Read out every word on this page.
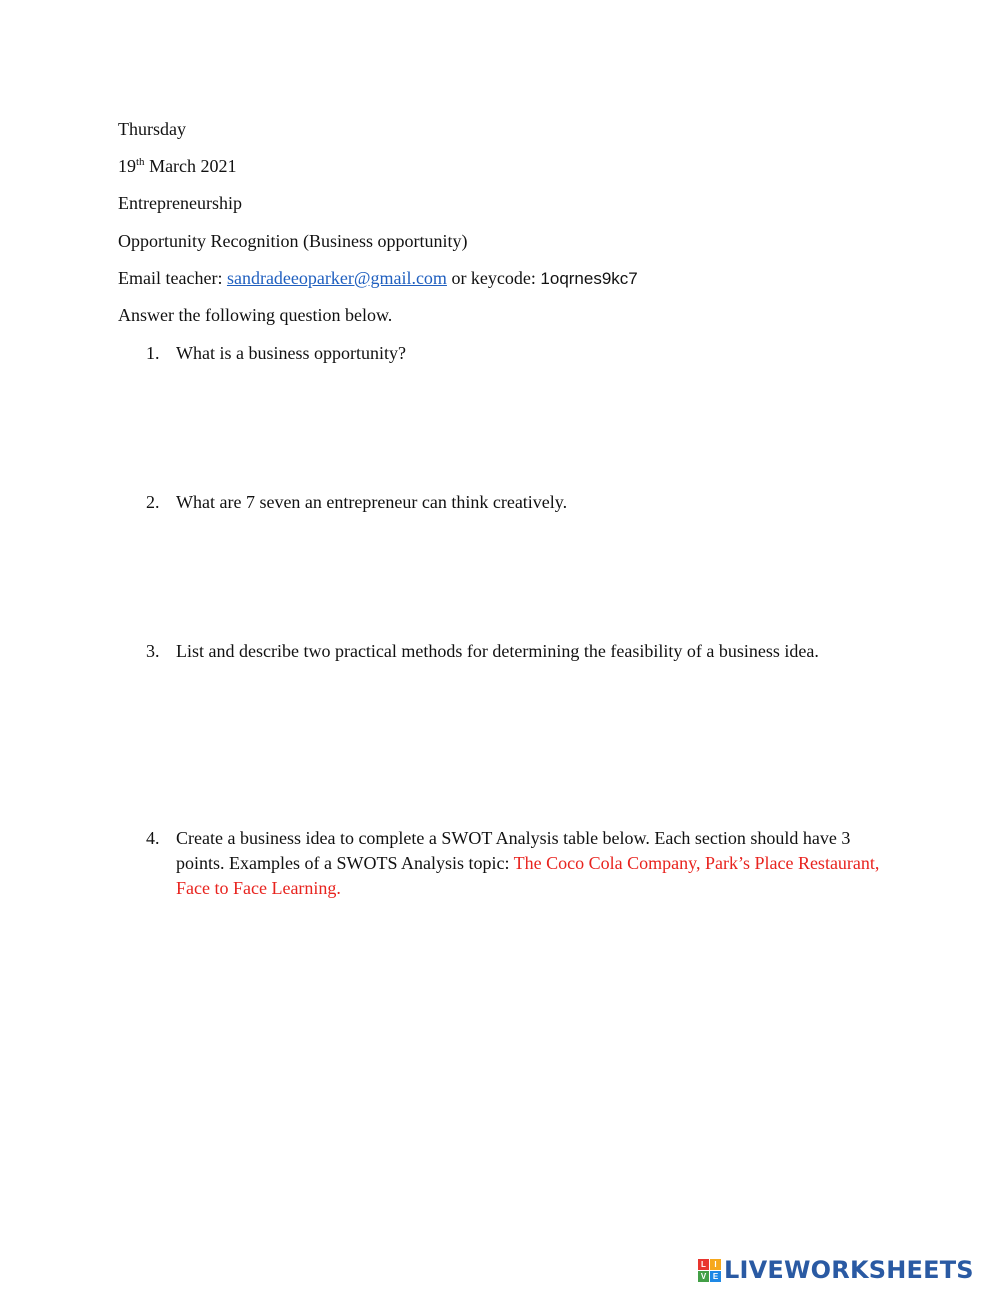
Thursday
19th March 2021
Entrepreneurship
Opportunity Recognition (Business opportunity)
Email teacher: sandradeeoparker@gmail.com or keycode: 1oqrnes9kc7
Answer the following question below.
1. What is a business opportunity?
2. What are 7 seven an entrepreneur can think creatively.
3. List and describe two practical methods for determining the feasibility of a business idea.
4. Create a business idea to complete a SWOT Analysis table below. Each section should have 3 points. Examples of a SWOTS Analysis topic: The Coco Cola Company, Park’s Place Restaurant, Face to Face Learning.
L	I
V E LIVEWORKSHEETS
